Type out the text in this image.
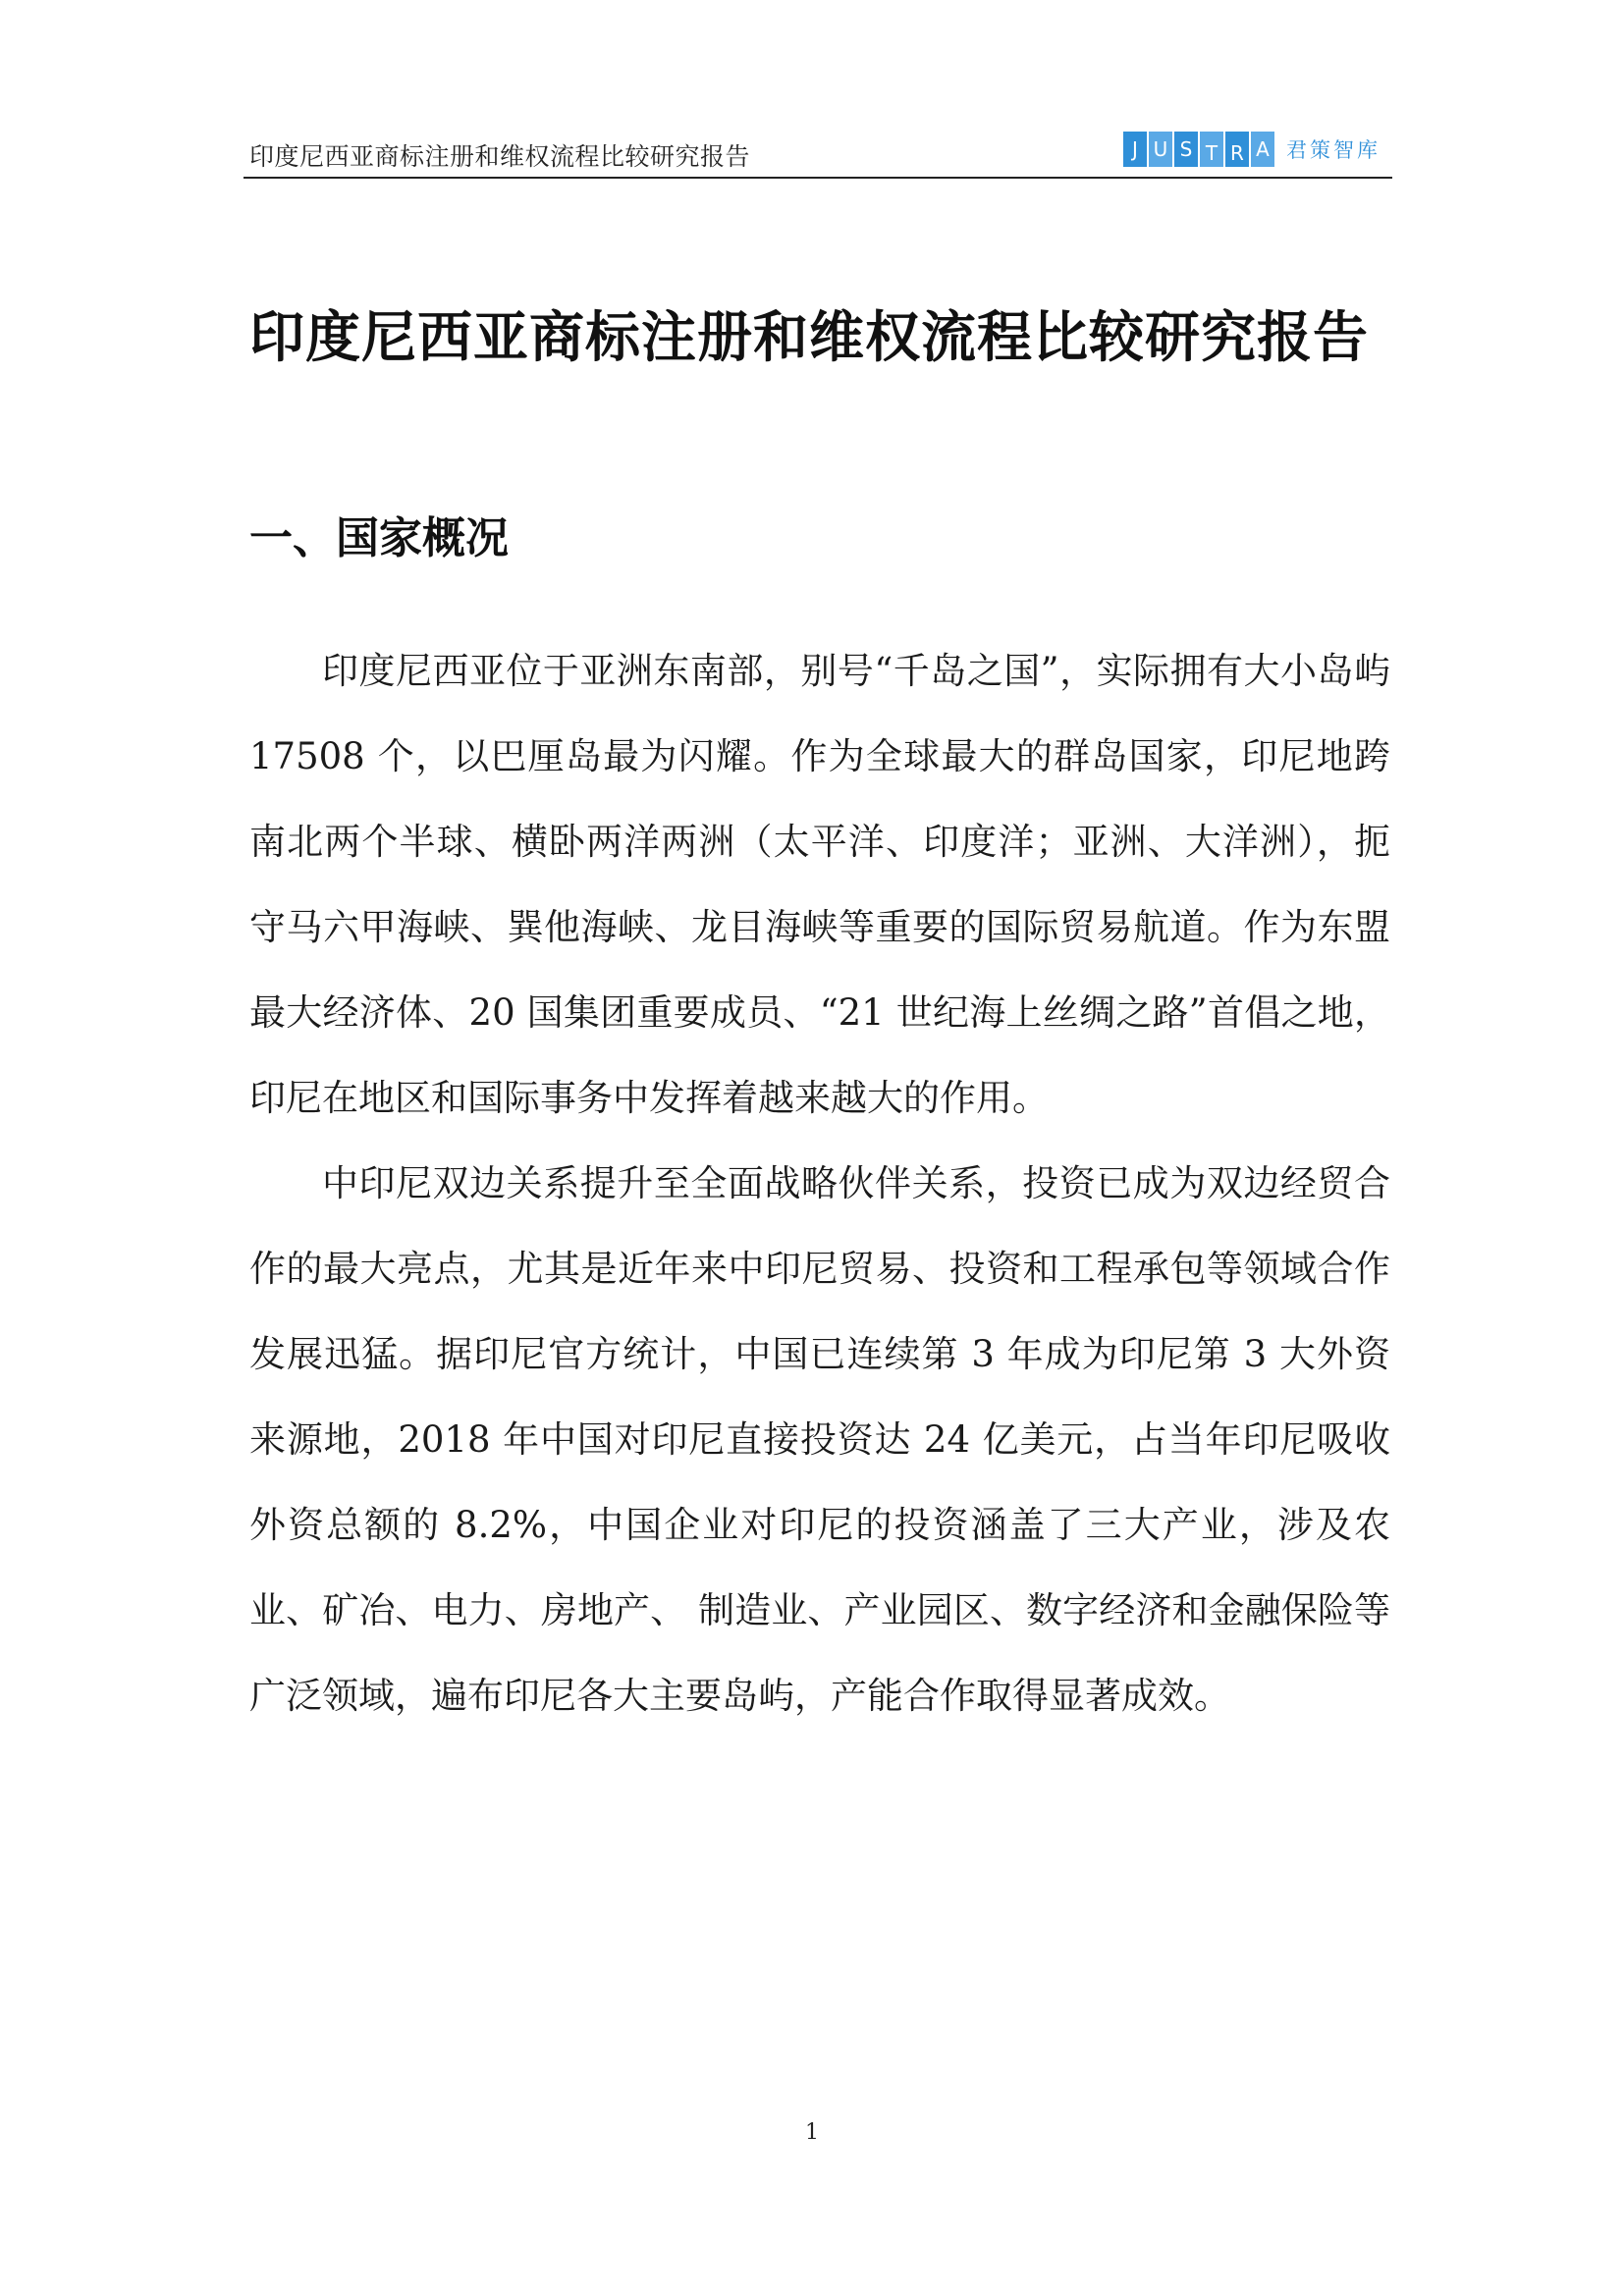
印度尼西亚商标注册和维权流程比较研究报告	J U S T R A 君策智库
印度尼西亚商标注册和维权流程比较研究报告
一、国家概况

印度尼西亚位于亚洲东南部，别号“千岛之国”，实际拥有大小岛屿 17508 个，以巴厘岛最为闪耀。作为全球最大的群岛国家，印尼地跨南北两个半球、横卧两洋两洲（太平洋、印度洋；亚洲、大洋洲），扼守马六甲海峡、巽他海峡、龙目海峡等重要的国际贸易航道。作为东盟最大经济体、20 国集团重要成员、“21 世纪海上丝绸之路”首倡之地，印尼在地区和国际事务中发挥着越来越大的作用。

中印尼双边关系提升至全面战略伙伴关系，投资已成为双边经贸合作的最大亮点，尤其是近年来中印尼贸易、投资和工程承包等领域合作发展迅猛。据印尼官方统计，中国已连续第 3 年成为印尼第 3 大外资来源地，2018 年中国对印尼直接投资达 24 亿美元，占当年印尼吸收外资总额的 8.2%，中国企业对印尼的投资涵盖了三大产业，涉及农业、矿冶、电力、房地产、 制造业、产业园区、数字经济和金融保险等广泛领域，遍布印尼各大主要岛屿，产能合作取得显著成效。

1
